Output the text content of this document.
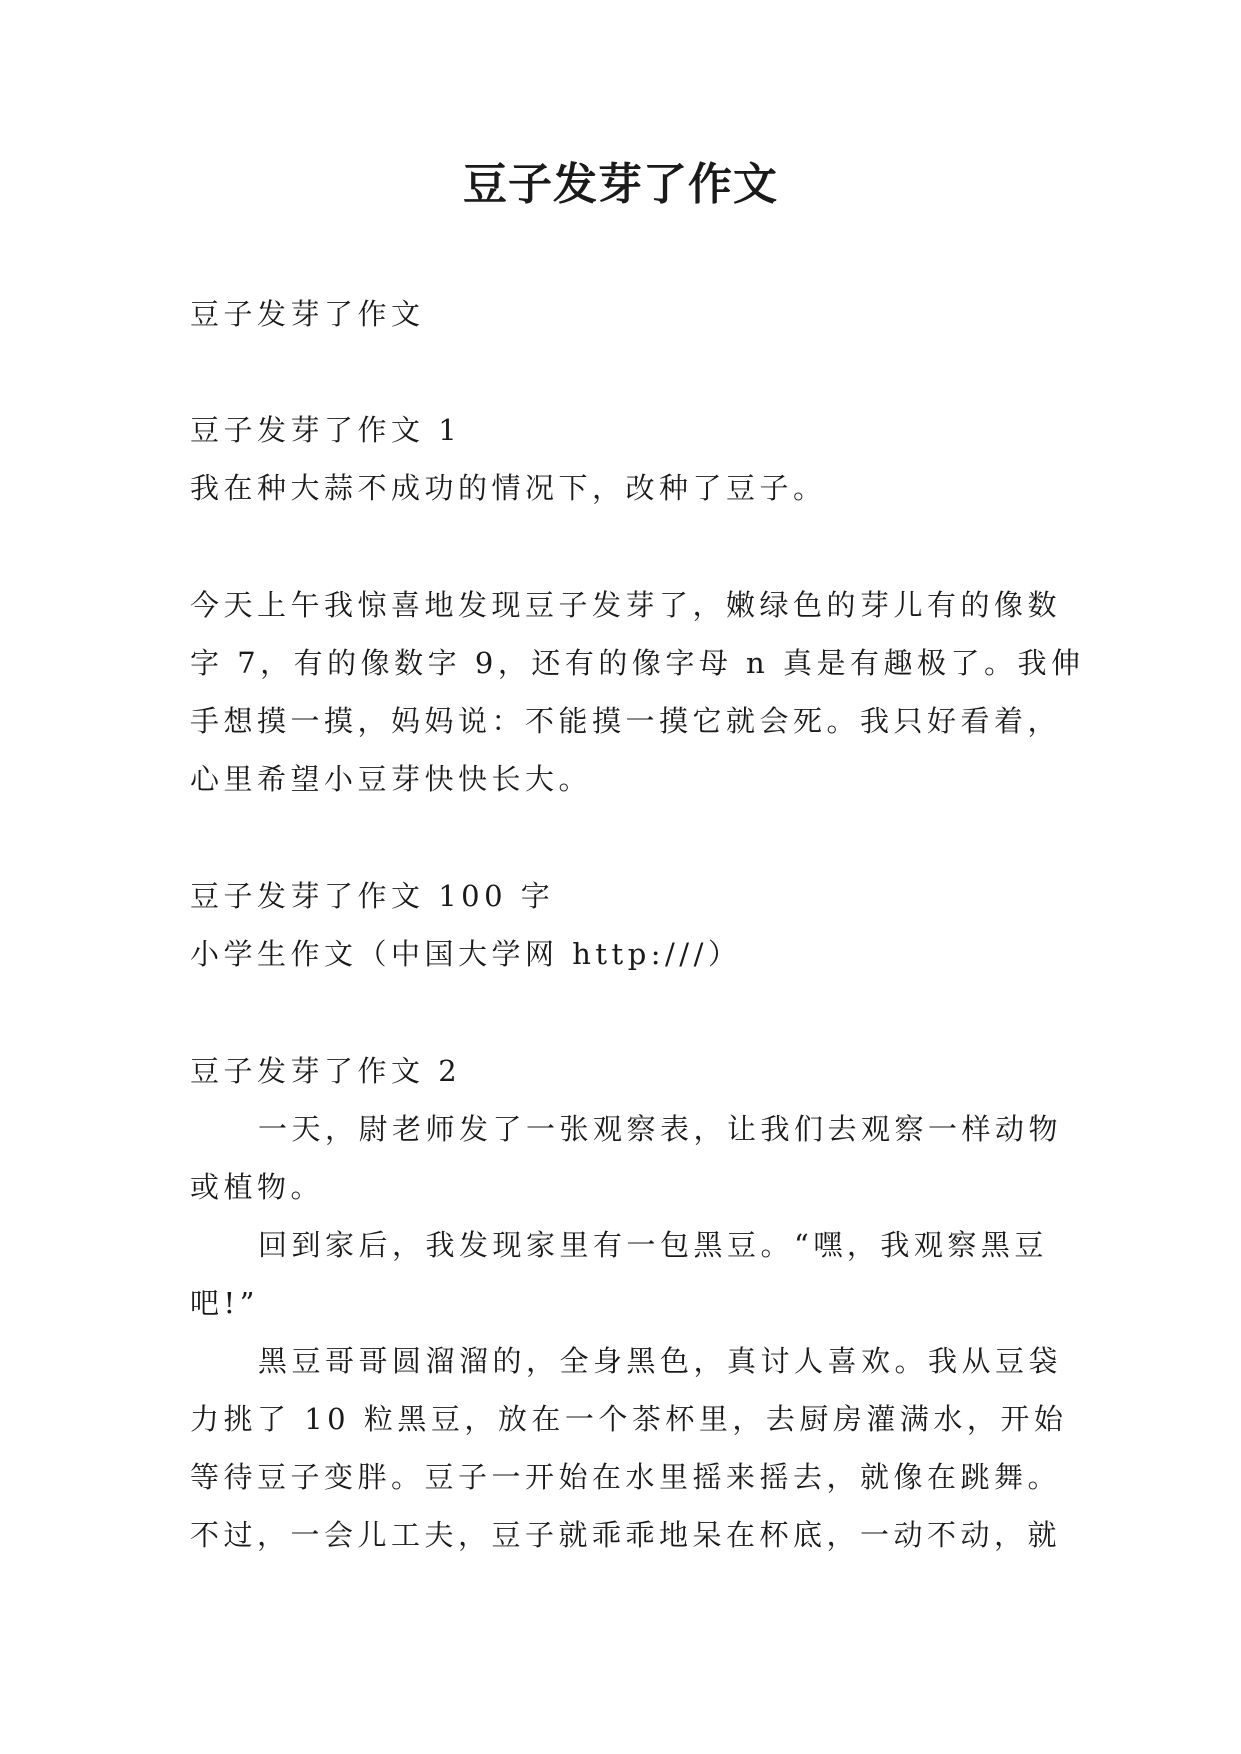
豆子发芽了作文

豆子发芽了作文

豆子发芽了作文 1

我在种大蒜不成功的情况下，改种了豆子。

今天上午我惊喜地发现豆子发芽了，嫩绿色的芽儿有的像数

字 7，有的像数字 9，还有的像字母 n 真是有趣极了。我伸

手想摸一摸，妈妈说：不能摸一摸它就会死。我只好看着，

心里希望小豆芽快快长大。

豆子发芽了作文 100 字

小学生作文（中国大学网 http:///）

豆子发芽了作文 2

一天，尉老师发了一张观察表，让我们去观察一样动物

或植物。

回到家后，我发现家里有一包黑豆。“嘿，我观察黑豆

吧!”

黑豆哥哥圆溜溜的，全身黑色，真讨人喜欢。我从豆袋

力挑了 10 粒黑豆，放在一个茶杯里，去厨房灌满水，开始

等待豆子变胖。豆子一开始在水里摇来摇去，就像在跳舞。

不过，一会儿工夫，豆子就乖乖地呆在杯底，一动不动，就
